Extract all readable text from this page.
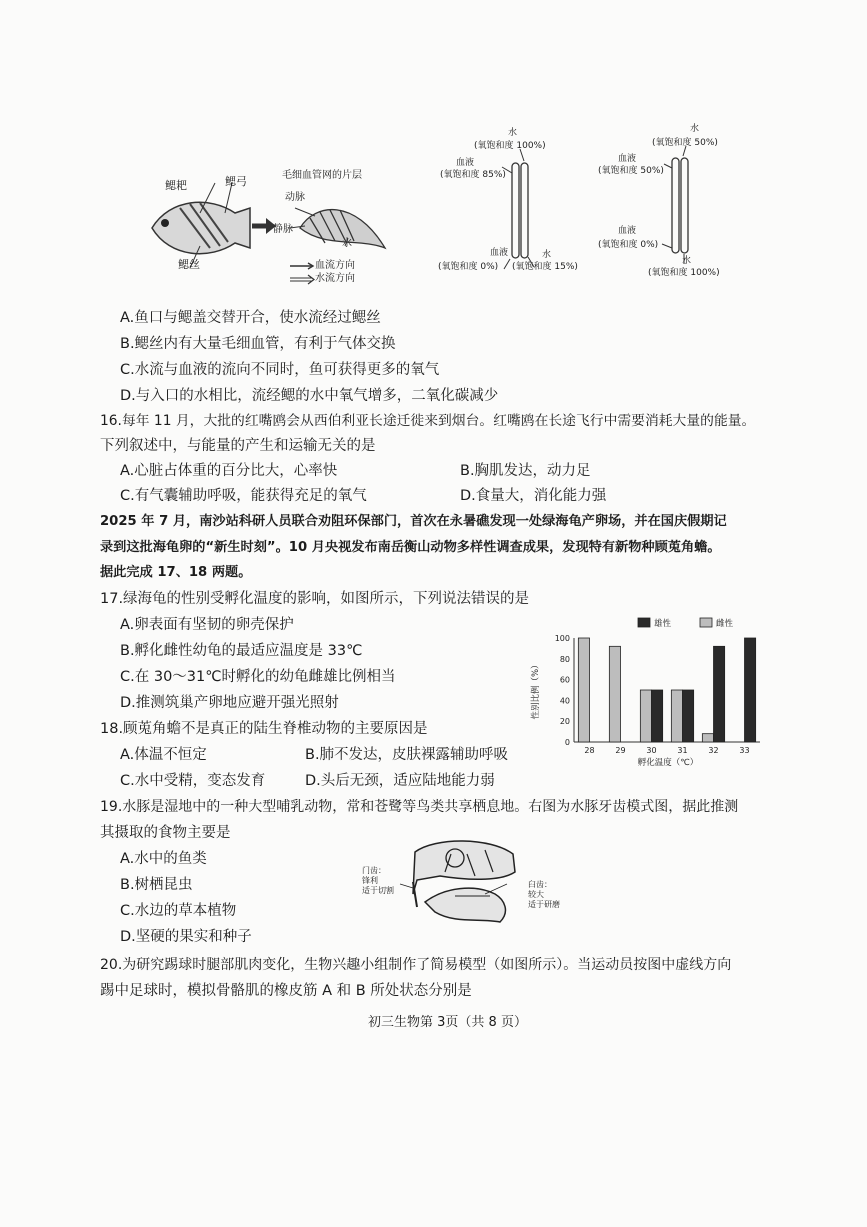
鳃耙	鳃弓
鳃丝
毛细血管网的片层
动脉
静脉
水
血流方向
水流方向
水
(氧饱和度 100%)
血液
(氧饱和度 85%)
血液
(氧饱和度 0%)
水
(氧饱和度 15%)
水
(氧饱和度 50%)
血液
(氧饱和度 50%)
血液
(氧饱和度 0%)
水
(氧饱和度 100%)
A.鱼口与鳃盖交替开合，使水流经过鳃丝
B.鳃丝内有大量毛细血管，有利于气体交换
C.水流与血液的流向不同时，鱼可获得更多的氧气
D.与入口的水相比，流经鳃的水中氧气增多，二氧化碳减少
16.每年 11 月，大批的红嘴鸥会从西伯利亚长途迁徙来到烟台。红嘴鸥在长途飞行中需要消耗大量的能量。
下列叙述中，与能量的产生和运输无关的是
A.心脏占体重的百分比大，心率快	B.胸肌发达，动力足
C.有气囊辅助呼吸，能获得充足的氧气	D.食量大，消化能力强
2025 年 7 月，南沙站科研人员联合劝阻环保部门，首次在永暑礁发现一处绿海龟产卵场，并在国庆假期记
录到这批海龟卵的“新生时刻”。10 月央视发布南岳衡山动物多样性调查成果，发现特有新物种顾莵角蟾。
据此完成 17、18 两题。
17.绿海龟的性别受孵化温度的影响，如图所示，下列说法错误的是
A.卵表面有坚韧的卵壳保护
B.孵化雌性幼龟的最适应温度是 33℃
C.在 30～31℃时孵化的幼龟雌雄比例相当
D.推测筑巢产卵地应避开强光照射
0
20
40
60
80
100
28	29	30	31	32	33
雄性	雌性
性别比例（%）
孵化温度（℃）
18.顾莵角蟾不是真正的陆生脊椎动物的主要原因是
A.体温不恒定	B.肺不发达，皮肤裸露辅助呼吸
C.水中受精，变态发育	D.头后无颈，适应陆地能力弱
19.水豚是湿地中的一种大型哺乳动物，常和苍鹭等鸟类共享栖息地。右图为水豚牙齿模式图，据此推测
其摄取的食物主要是
A.水中的鱼类
B.树栖昆虫
C.水边的草本植物
D.坚硬的果实和种子
门齿：
锋利
适于切割
臼齿：
较大
适于研磨
20.为研究踢球时腿部肌肉变化，生物兴趣小组制作了简易模型（如图所示）。当运动员按图中虚线方向
踢中足球时，模拟骨骼肌的橡皮筋 A 和 B 所处状态分别是
初三生物第 3页（共 8 页）
